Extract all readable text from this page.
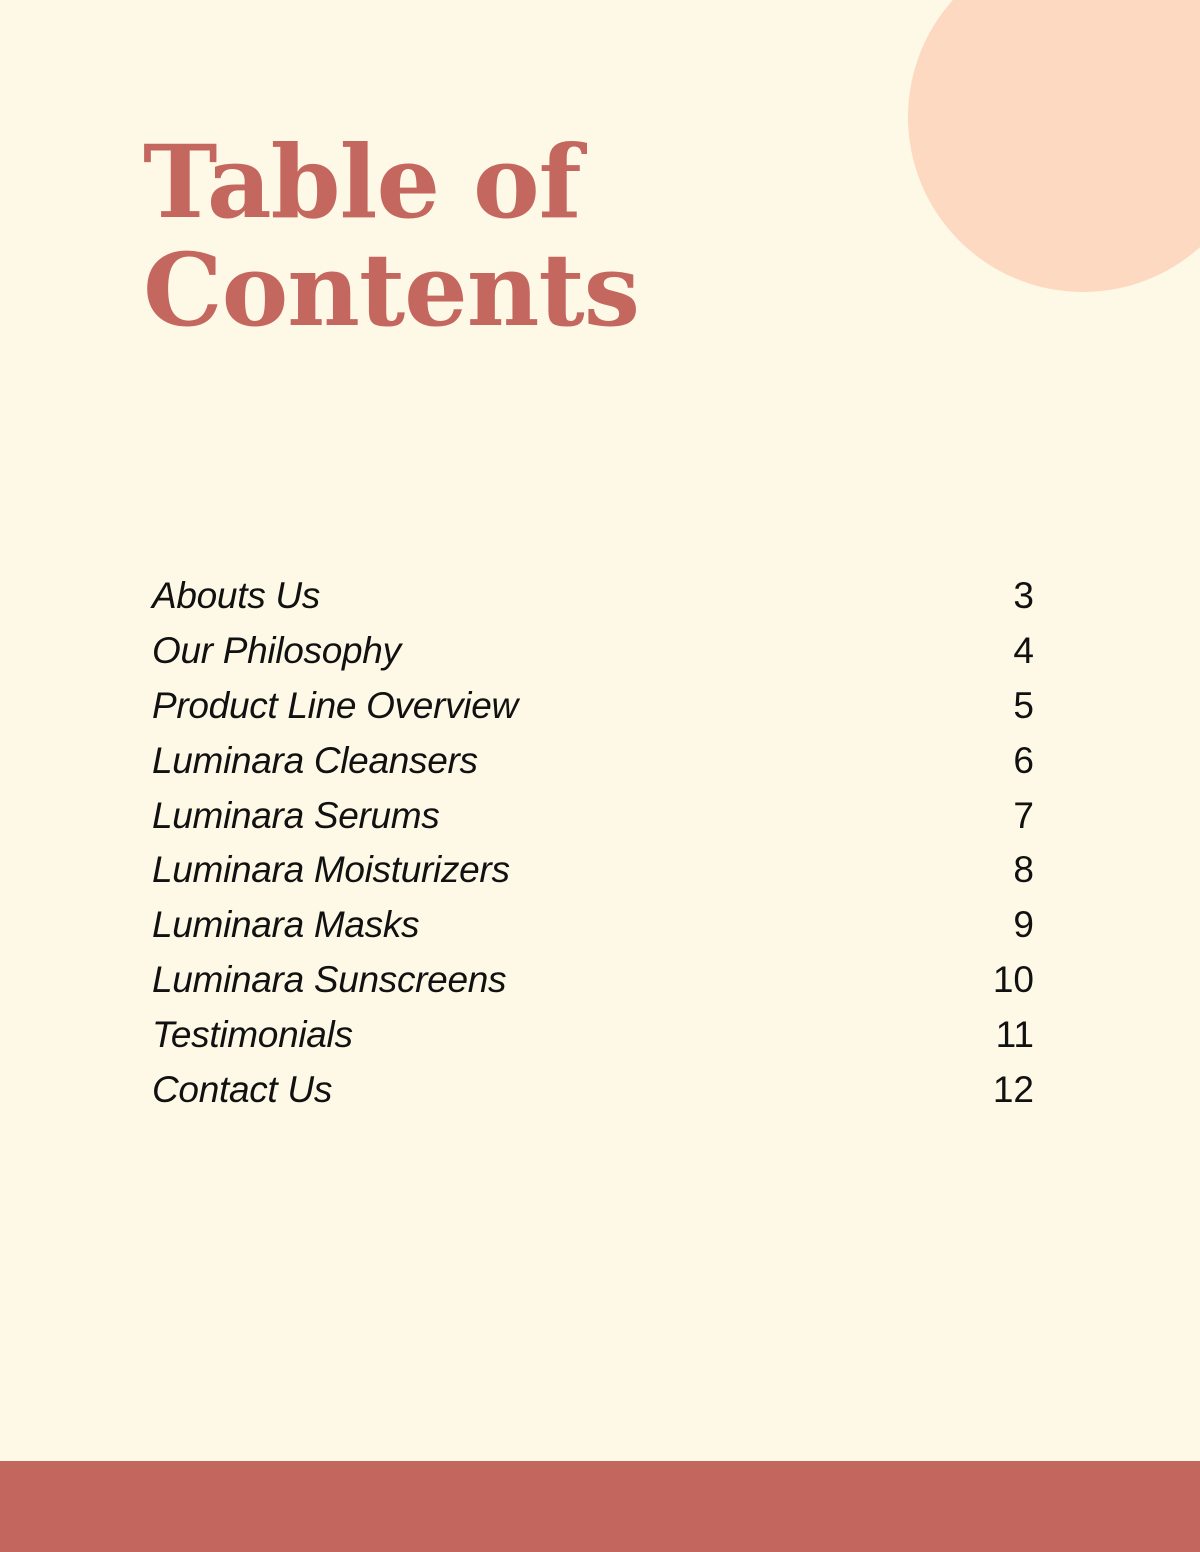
Table of
Contents
Abouts Us	3
Our Philosophy	4
Product Line Overview	5
Luminara Cleansers	6
Luminara Serums	7
Luminara Moisturizers	8
Luminara Masks	9
Luminara Sunscreens	10
Testimonials	11
Contact Us	12
